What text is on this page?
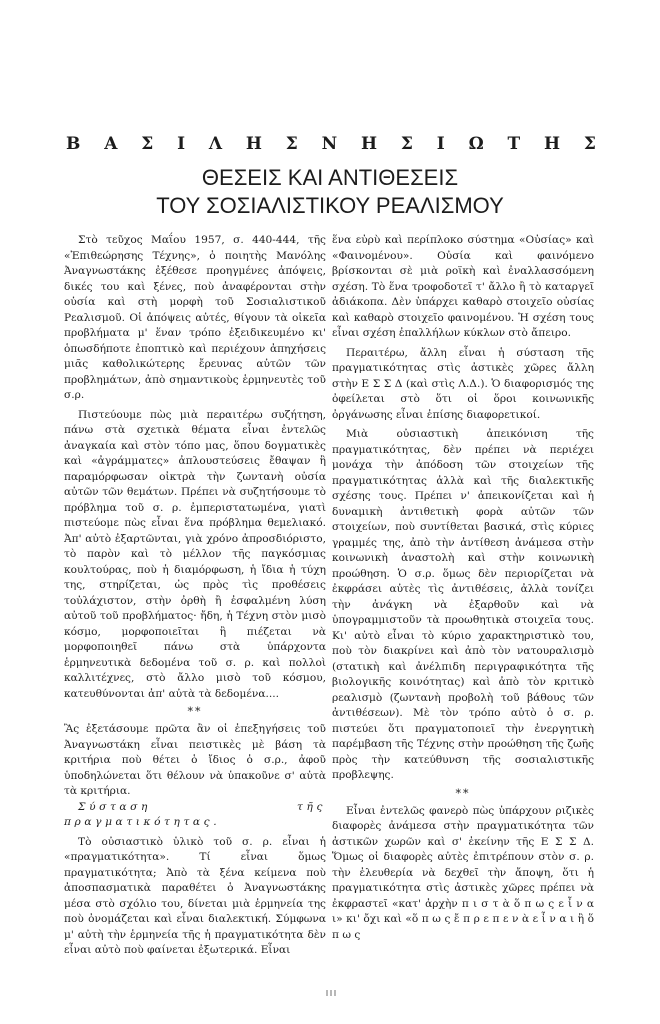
Β Α Σ Ι Λ Η Σ Ν Η Σ Ι Ω Τ Η Σ
ΘΕΣΕΙΣ ΚΑΙ ΑΝΤΙΘΕΣΕΙΣ
ΤΟΥ ΣΟΣΙΑΛΙΣΤΙΚΟΥ ΡΕΑΛΙΣΜΟΥ

Στὸ τεῦχος Μαΐου 1957, σ. 440-444, τῆς «Ἐπιθεώρησης Τέχνης», ὁ ποιητὴς Μανόλης Ἀναγνωστάκης ἐξέθεσε προηγμένες ἀπόψεις, δικές του καὶ ξένες, ποὺ ἀναφέρονται στὴν οὐσία καὶ στὴ μορφὴ τοῦ Σοσιαλιστικοῦ Ρεαλισμοῦ. Οἱ ἀπόψεις αὐτές, θίγουν τὰ οἰκεῖα προβλήματα μ' ἕναν τρόπο ἐξειδικευμένο κι' ὁπωσδήποτε ἐποπτικὸ καὶ περιέχουν ἀπηχήσεις μιᾶς καθολικώτερης ἔρευνας αὐτῶν τῶν προβλημάτων, ἀπὸ σημαντικοὺς ἑρμηνευτὲς τοῦ σ.ρ.

Πιστεύουμε πὼς μιὰ περαιτέρω συζήτηση, πάνω στὰ σχετικὰ θέματα εἶναι ἐντελῶς ἀναγκαία καὶ στὸν τόπο μας, ὅπου δογματικὲς καὶ «ἀγράμματες» ἀπλουστεύσεις ἔθαψαν ἢ παραμόρφωσαν οἰκτρὰ τὴν ζωντανὴ οὐσία αὐτῶν τῶν θεμάτων. Πρέπει νὰ συζητήσουμε τὸ πρόβλημα τοῦ σ. ρ. ἐμπεριστατωμένα, γιατὶ πιστεύομε πὼς εἶναι ἕνα πρόβλημα θεμελιακό. Ἀπ' αὐτὸ ἐξαρτῶνται, γιὰ χρόνο ἀπροσδιόριστο, τὸ παρὸν καὶ τὸ μέλλον τῆς παγκόσμιας κουλτούρας, ποὺ ἡ διαμόρφωση, ἡ ἴδια ἡ τύχη της, στηρίζεται, ὡς πρὸς τὶς προθέσεις τοὐλάχιστον, στὴν ὀρθὴ ἢ ἐσφαλμένη λύση αὐτοῦ τοῦ προβλήματος· ἤδη, ἡ Τέχνη στὸν μισὸ κόσμο, μορφοποιεῖται ἢ πιέζεται νὰ μορφοποιηθεῖ πάνω στὰ ὑπάρχοντα ἑρμηνευτικὰ δεδομένα τοῦ σ. ρ. καὶ πολλοὶ καλλιτέχνες, στὸ ἄλλο μισὸ τοῦ κόσμου, κατευθύνονται ἀπ' αὐτὰ τὰ δεδομένα....

**

Ἂς ἐξετάσουμε πρῶτα ἂν οἱ ἐπεξηγήσεις τοῦ Ἀναγνωστάκη εἶναι πειστικὲς μὲ βάση τὰ κριτήρια ποὺ θέτει ὁ ἴδιος ὁ σ.ρ., ἀφοῦ ὑποδηλώνεται ὅτι θέλουν νὰ ὑπακοῦνε σ' αὐτὰ τὰ κριτήρια.

Σύσταση τῆς πραγματικότητας.

Τὸ οὐσιαστικὸ ὑλικὸ τοῦ σ. ρ. εἶναι ἡ «πραγματικότητα». Τί εἶναι ὅμως πραγματικότητα; Ἀπὸ τὰ ξένα κείμενα ποὺ ἀποσπασματικὰ παραθέτει ὁ Ἀναγνωστάκης μέσα στὸ σχόλιο του, δίνεται μιὰ ἑρμηνεία της ποὺ ὀνομάζεται καὶ εἶναι διαλεκτική. Σύμφωνα μ' αὐτὴ τὴν ἑρμηνεία τῆς ἡ πραγματικότητα δὲν εἶναι αὐτὸ ποὺ φαίνεται ἐξωτερικά. Εἶναι

ἕνα εὐρὺ καὶ περίπλοκο σύστημα «Οὐσίας» καὶ «Φαινομένου». Οὐσία καὶ φαινόμενο βρίσκονται σὲ μιὰ ροϊκὴ καὶ ἐναλλασσόμενη σχέση. Τὸ ἕνα τροφοδοτεῖ τ' ἄλλο ἢ τὸ καταργεῖ ἀδιάκοπα. Δὲν ὑπάρχει καθαρὸ στοιχεῖο οὐσίας καὶ καθαρὸ στοιχεῖο φαινομένου. Ἡ σχέση τους εἶναι σχέση ἐπαλλήλων κύκλων στὸ ἄπειρο.

Περαιτέρω, ἄλλη εἶναι ἡ σύσταση τῆς πραγματικότητας στὶς ἀστικὲς χῶρες ἄλλη στὴν Ε Σ Σ Δ (καὶ στὶς Λ.Δ.). Ὁ διαφορισμός της ὀφείλεται στὸ ὅτι οἱ ὅροι κοινωνικῆς ὀργάνωσης εἶναι ἐπίσης διαφορετικοί.

Μιὰ οὐσιαστικὴ ἀπεικόνιση τῆς πραγματικότητας, δὲν πρέπει νὰ περιέχει μονάχα τὴν ἀπόδοση τῶν στοιχείων τῆς πραγματικότητας ἀλλὰ καὶ τῆς διαλεκτικῆς σχέσης τους. Πρέπει ν' ἀπεικονίζεται καὶ ἡ δυναμικὴ ἀντιθετικὴ φορὰ αὐτῶν τῶν στοιχείων, ποὺ συντίθεται βασικά, στὶς κύριες γραμμές της, ἀπὸ τὴν ἀντίθεση ἀνάμεσα στὴν κοινωνικὴ ἀναστολὴ καὶ στὴν κοινωνικὴ προώθηση. Ὁ σ.ρ. ὅμως δὲν περιορίζεται νὰ ἐκφράσει αὐτὲς τὶς ἀντιθέσεις, ἀλλὰ τονίζει τὴν ἀνάγκη νὰ ἐξαρθοῦν καὶ νὰ ὑπογραμμιστοῦν τὰ προωθητικὰ στοιχεῖα τους. Κι' αὐτὸ εἶναι τὸ κύριο χαρακτηριστικὸ του, ποὺ τὸν διακρίνει καὶ ἀπὸ τὸν νατουραλισμὸ (στατικὴ καὶ ἀνέλπιδη περιγραφικότητα τῆς βιολογικῆς κοινότητας) καὶ ἀπὸ τὸν κριτικὸ ρεαλισμὸ (ζωντανὴ προβολὴ τοῦ βάθους τῶν ἀντιθέσεων). Μὲ τὸν τρόπο αὐτὸ ὁ σ. ρ. πιστεύει ὅτι πραγματοποιεῖ τὴν ἐνεργητικὴ παρέμβαση τῆς Τέχνης στὴν προώθηση τῆς ζωῆς πρὸς τὴν κατεύθυνση τῆς σοσιαλιστικῆς προβλεψης.

**

Εἶναι ἐντελῶς φανερὸ πὼς ὑπάρχουν ριζικὲς διαφορὲς ἀνάμεσα στὴν πραγματικότητα τῶν ἀστικῶν χωρῶν καὶ σ' ἐκείνην τῆς Ε Σ Σ Δ. Ὅμως οἱ διαφορὲς αὐτὲς ἐπιτρέπουν στὸν σ. ρ. τὴν ἐλευθερία νὰ δεχθεῖ τὴν ἄποψη, ὅτι ἡ πραγματικότητα στὶς ἀστικὲς χῶρες πρέπει νὰ ἐκφραστεῖ «κατ' ἀρχὴν π ι σ τ ὰ ὅ π ω ς ε ἶ ν α ι» κι' ὄχι καὶ «ὅ π ω ς ἔ π ρ ε π ε ν ὰ ε ἶ ν α ι ἢ ὅ π ω ς
